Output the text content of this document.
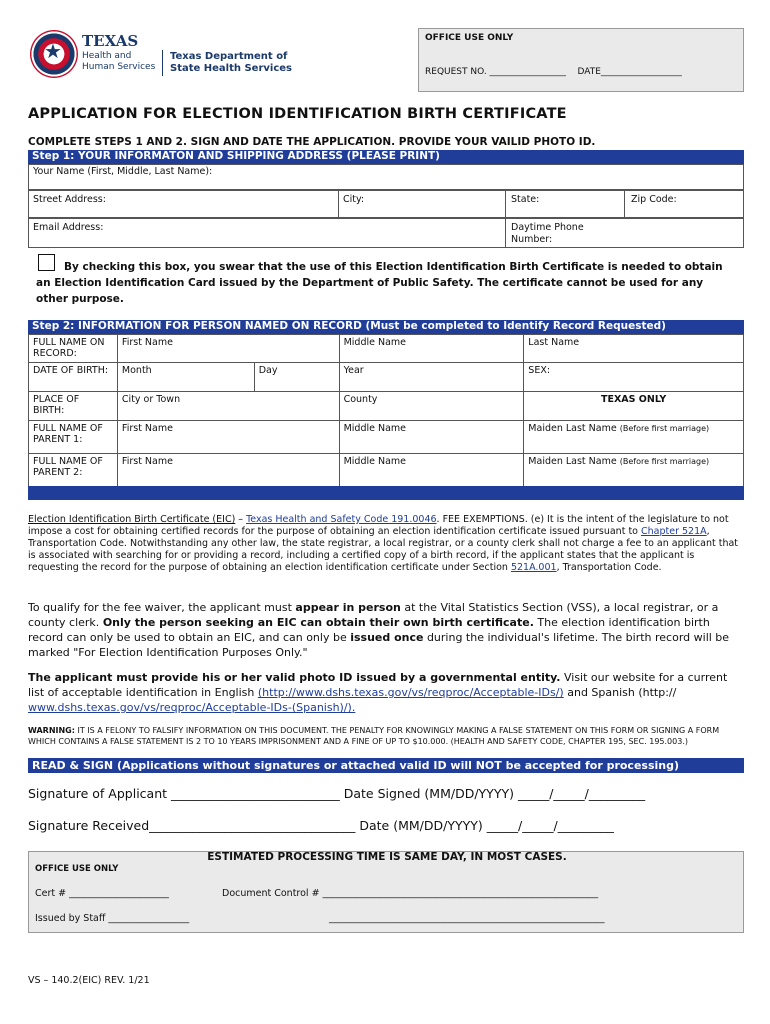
★ TEXAS
Health and Human Services
Texas Department of State Health Services
OFFICE USE ONLY
REQUEST NO. _________________ DATE__________________
APPLICATION FOR ELECTION IDENTIFICATION BIRTH CERTIFICATE
COMPLETE STEPS 1 AND 2. SIGN AND DATE THE APPLICATION. PROVIDE YOUR VAILID PHOTO ID.
Step 1: YOUR INFORMATON AND SHIPPING ADDRESS (PLEASE PRINT)
Your Name (First, Middle, Last Name):
Street Address:	City:	State:	Zip Code:
Email Address:	Daytime Phone Number:
By checking this box, you swear that the use of this Election Identification Birth Certificate is needed to obtain an Election Identification Card issued by the Department of Public Safety. The certificate cannot be used for any other purpose.
Step 2: INFORMATION FOR PERSON NAMED ON RECORD (Must be completed to Identify Record Requested)
FULL NAME ON RECORD:	First Name		Middle Name	Last Name
DATE OF BIRTH:	Month	Day	Year	SEX:
PLACE OF BIRTH:	City or Town		County	TEXAS ONLY
FULL NAME OF PARENT 1:	First Name		Middle Name	Maiden Last Name (Before first marriage)
FULL NAME OF PARENT 2:	First Name		Middle Name	Maiden Last Name (Before first marriage)
Election Identification Birth Certificate (EIC) – Texas Health and Safety Code 191.0046. FEE EXEMPTIONS. (e) It is the intent of the legislature to not impose a cost for obtaining certified records for the purpose of obtaining an election identification certificate issued pursuant to Chapter 521A, Transportation Code. Notwithstanding any other law, the state registrar, a local registrar, or a county clerk shall not charge a fee to an applicant that is associated with searching for or providing a record, including a certified copy of a birth record, if the applicant states that the applicant is requesting the record for the purpose of obtaining an election identification certificate under Section 521A.001, Transportation Code.
To qualify for the fee waiver, the applicant must appear in person at the Vital Statistics Section (VSS), a local registrar, or a county clerk. Only the person seeking an EIC can obtain their own birth certificate. The election identification birth record can only be used to obtain an EIC, and can only be issued once during the individual's lifetime. The birth record will be marked "For Election Identification Purposes Only."
The applicant must provide his or her valid photo ID issued by a governmental entity. Visit our website for a current list of acceptable identification in English (http://www.dshs.texas.gov/vs/reqproc/Acceptable-IDs/) and Spanish (http:// www.dshs.texas.gov/vs/reqproc/Acceptable-IDs-(Spanish)/).
WARNING: IT IS A FELONY TO FALSIFY INFORMATION ON THIS DOCUMENT. THE PENALTY FOR KNOWINGLY MAKING A FALSE STATEMENT ON THIS FORM OR SIGNING A FORM WHICH CONTAINS A FALSE STATEMENT IS 2 TO 10 YEARS IMPRISONMENT AND A FINE OF UP TO $10.000. (HEALTH AND SAFETY CODE, CHAPTER 195, SEC. 195.003.)
READ & SIGN (Applications without signatures or attached valid ID will NOT be accepted for processing)
Signature of Applicant ___________________________ Date Signed (MM/DD/YYYY) _____/_____/_________
Signature Received_________________________________ Date (MM/DD/YYYY) _____/_____/_________
ESTIMATED PROCESSING TIME IS SAME DAY, IN MOST CASES.
OFFICE USE ONLY
Cert # _____________________	Document Control # __________________________________________________________
Issued by Staff _________________	__________________________________________________________
VS – 140.2(EIC) REV. 1/21
